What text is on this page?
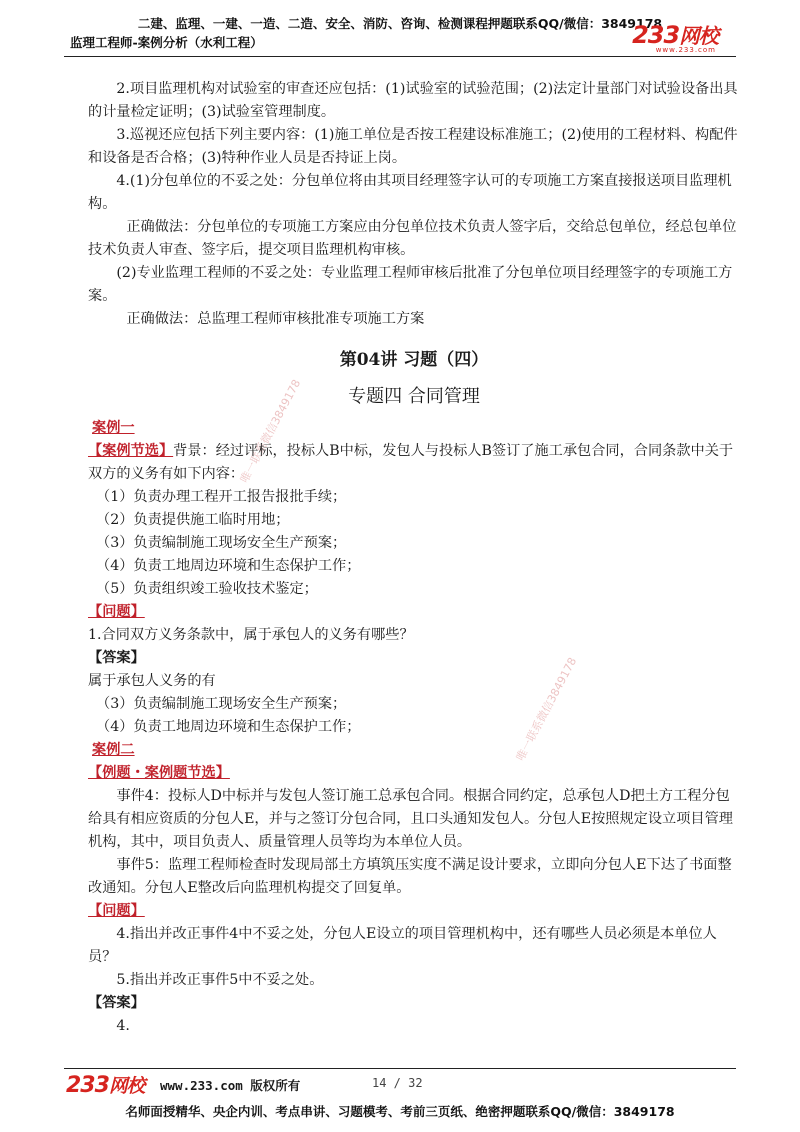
二建、监理、一建、一造、二造、安全、消防、咨询、检测课程押题联系QQ/微信：3849178
监理工程师-案例分析（水利工程）	233网校
www.233.com
唯一联系微信3849178
唯一联系微信3849178

2.项目监理机构对试验室的审查还应包括：(1)试验室的试验范围；(2)法定计量部门对试验设备出具的计量检定证明；(3)试验室管理制度。

3.巡视还应包括下列主要内容：(1)施工单位是否按工程建设标准施工；(2)使用的工程材料、构配件和设备是否合格；(3)特种作业人员是否持证上岗。

4.(1)分包单位的不妥之处：分包单位将由其项目经理签字认可的专项施工方案直接报送项目监理机构。

正确做法：分包单位的专项施工方案应由分包单位技术负责人签字后，交给总包单位，经总包单位技术负责人审查、签字后，提交项目监理机构审核。

(2)专业监理工程师的不妥之处：专业监理工程师审核后批准了分包单位项目经理签字的专项施工方案。

正确做法：总监理工程师审核批准专项施工方案

第04讲 习题（四）
专题四 合同管理

案例一

【案例节选】背景：经过评标，投标人B中标，发包人与投标人B签订了施工承包合同，合同条款中关于双方的义务有如下内容：

（1）负责办理工程开工报告报批手续；

（2）负责提供施工临时用地；

（3）负责编制施工现场安全生产预案；

（4）负责工地周边环境和生态保护工作；

（5）负责组织竣工验收技术鉴定；

【问题】

1.合同双方义务条款中，属于承包人的义务有哪些？

【答案】

属于承包人义务的有

（3）负责编制施工现场安全生产预案；

（4）负责工地周边环境和生态保护工作；

案例二

【例题・案例题节选】

事件4：投标人D中标并与发包人签订施工总承包合同。根据合同约定，总承包人D把土方工程分包给具有相应资质的分包人E，并与之签订分包合同，且口头通知发包人。分包人E按照规定设立项目管理机构，其中，项目负责人、质量管理人员等均为本单位人员。

事件5：监理工程师检查时发现局部土方填筑压实度不满足设计要求，立即向分包人E下达了书面整改通知。分包人E整改后向监理机构提交了回复单。

【问题】

4.指出并改正事件4中不妥之处，分包人E设立的项目管理机构中，还有哪些人员必须是本单位人员？

5.指出并改正事件5中不妥之处。

【答案】

4.

233网校 www.233.com 版权所有	14 / 32
名师面授精华、央企内训、考点串讲、习题模考、考前三页纸、绝密押题联系QQ/微信：3849178
